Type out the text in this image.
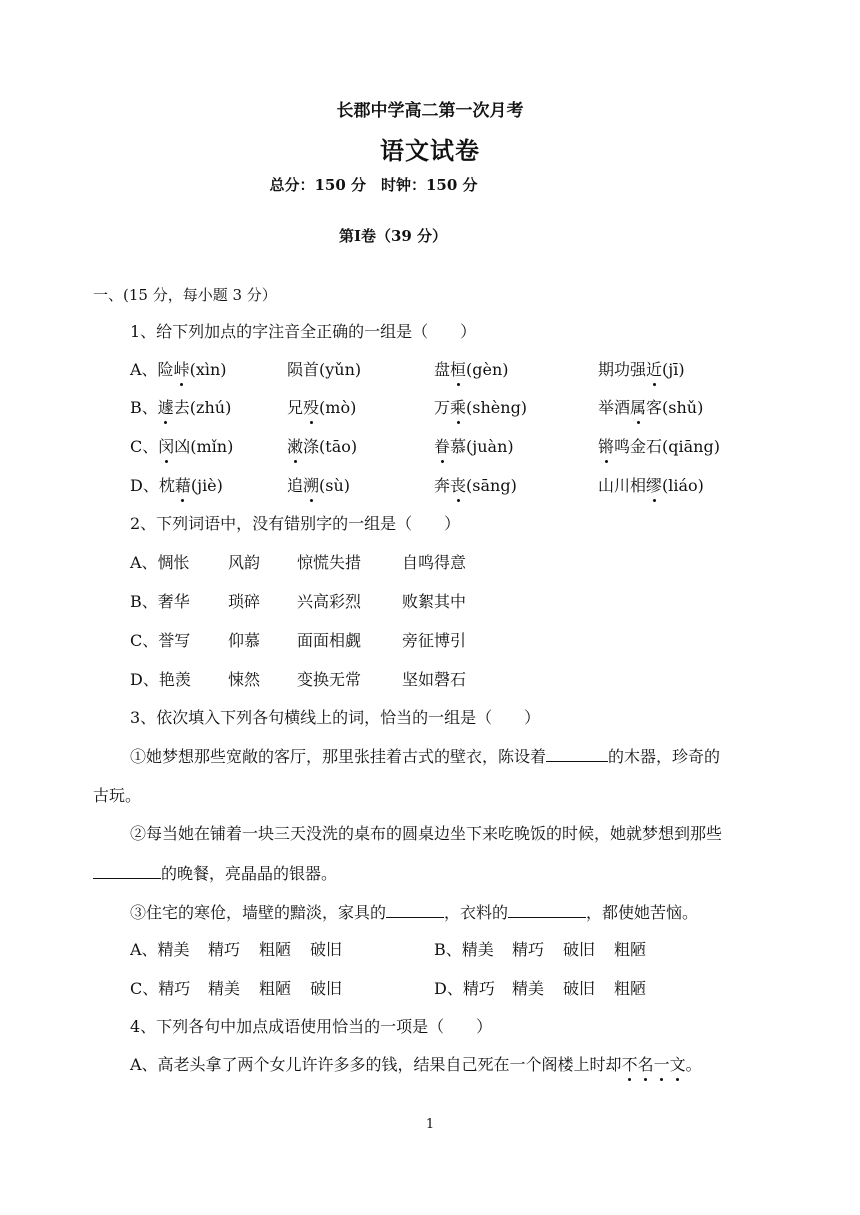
长郡中学高二第一次月考
语文试卷
总分：150 分　时钟：150 分
第Ⅰ卷（39 分）
一、(15 分，每小题 3 分）
1、给下列加点的字注音全正确的一组是（　　）
A、险峠(xìn)	陨首(yǔn)	盘桓(gèn)	期功强近(jī)
B、遽去(zhú)	兄殁(mò)	万乘(shèng)	举酒属客(shǔ)
C、闵凶(mǐn)	潄涤(tāo)	眷慕(juàn)	锵鸣金石(qiāng)
D、枕藉(jiè)	追溯(sù)	奔丧(sāng)	山川相缪(liáo)
2、下列词语中，没有错别字的一组是（　　）
A、惆怅 风韵 惊慌失措	自鸣得意
B、奢华 琐碎 兴高彩烈	败絮其中
C、誉写 仰慕 面面相觑	旁征博引
D、艳羡 悚然 变换无常	坚如磬石
3、依次填入下列各句横线上的词，恰当的一组是（　　）
①她梦想那些宽敞的客厅，那里张挂着古式的壁衣，陈设着	的木器，珍奇的
古玩。
②每当她在铺着一块三天没洗的桌布的圆桌边坐下来吃晚饭的时候，她就梦想到那些
的晚餐，亮晶晶的银器。
③住宅的寒伧，墙壁的黯淡，家具的	，衣料的	，都使她苦恼。
A、精美 精巧 粗陋 破旧	B、精美 精巧 破旧 粗陋
C、精巧 精美 粗陋 破旧	D、精巧 精美 破旧 粗陋
4、下列各句中加点成语使用恰当的一项是（　　）
A、高老头拿了两个女儿许许多多的钱，结果自己死在一个阁楼上时却不名一文。
1
